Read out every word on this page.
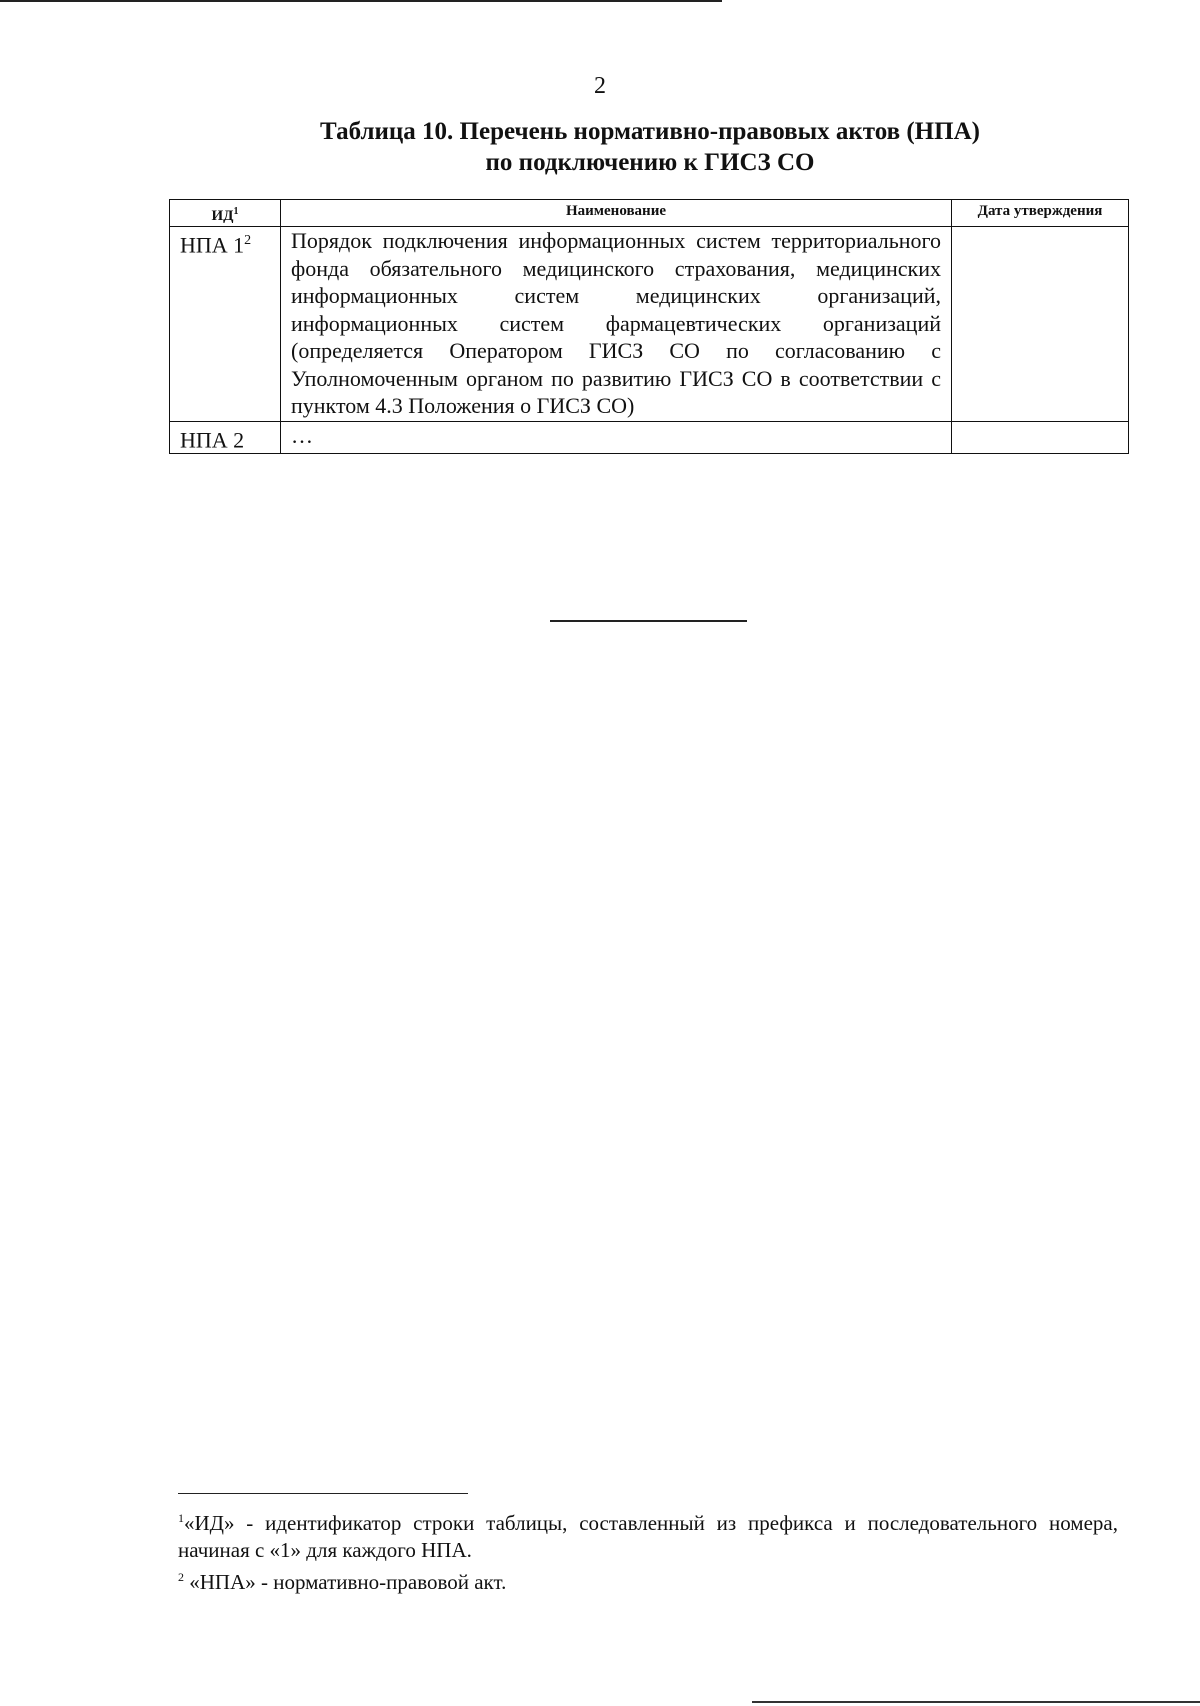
2
Таблица 10. Перечень нормативно-правовых актов (НПА)
по подключению к ГИСЗ СО
$ИД^1$	Наименование	Дата утверждения
НПА $1^2$	Порядок подключения информационных систем территориального фонда обязательного медицинского страхования, медицинских информационных систем медицинских организаций, информационных систем фармацевтических организаций (определяется Оператором ГИСЗ СО по согласованию с Уполномоченным органом по развитию ГИСЗ СО в соответствии с пунктом 4.3 Положения о ГИСЗ СО)	
НПА 2	…	
$^1$«ИД» - идентификатор строки таблицы, составленный из префикса и последовательного номера, начиная с «1» для каждого НПА.
$^2$ «НПА» - нормативно-правовой акт.
